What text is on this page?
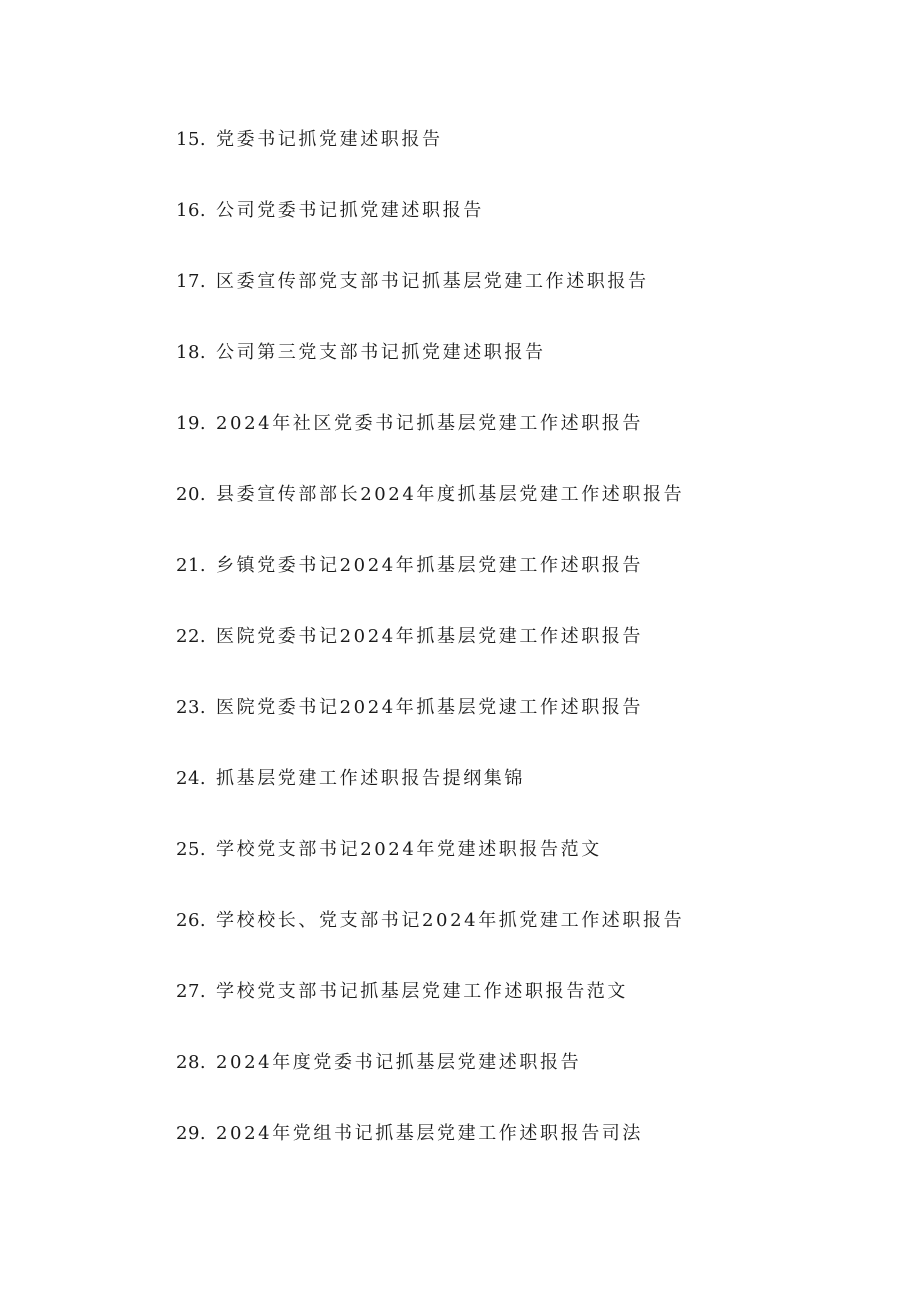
15. 党委书记抓党建述职报告
16. 公司党委书记抓党建述职报告
17. 区委宣传部党支部书记抓基层党建工作述职报告
18. 公司第三党支部书记抓党建述职报告
19. 2024年社区党委书记抓基层党建工作述职报告
20. 县委宣传部部长2024年度抓基层党建工作述职报告
21. 乡镇党委书记2024年抓基层党建工作述职报告
22. 医院党委书记2024年抓基层党建工作述职报告
23. 医院党委书记2024年抓基层党逮工作述职报告
24. 抓基层党建工作述职报告提纲集锦
25. 学校党支部书记2024年党建述职报告范文
26. 学校校长、党支部书记2024年抓党建工作述职报告
27. 学校党支部书记抓基层党建工作述职报告范文
28. 2024年度党委书记抓基层党建述职报告
29. 2024年党组书记抓基层党建工作述职报告司法
